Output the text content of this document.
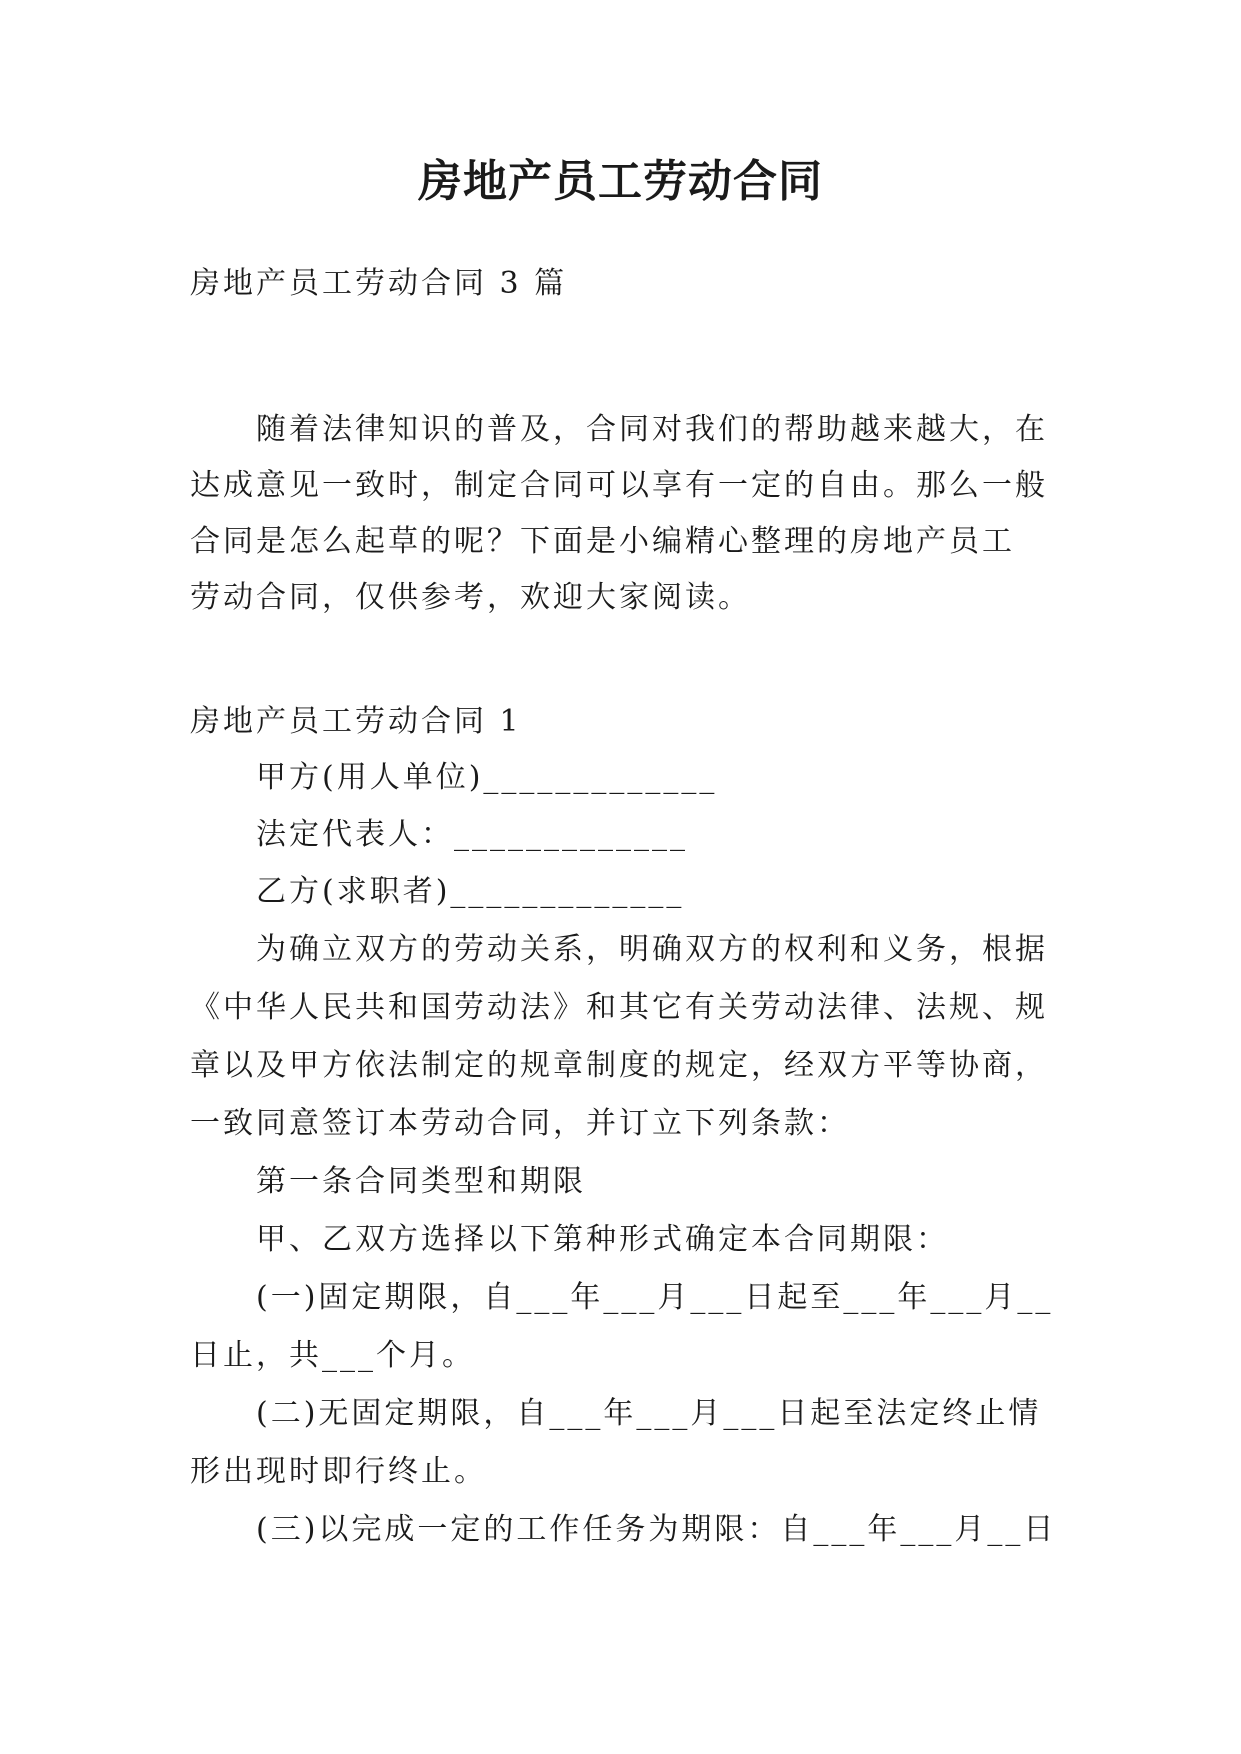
房地产员工劳动合同
房地产员工劳动合同 3 篇
随着法律知识的普及，合同对我们的帮助越来越大，在
达成意见一致时，制定合同可以享有一定的自由。那么一般
合同是怎么起草的呢？下面是小编精心整理的房地产员工
劳动合同，仅供参考，欢迎大家阅读。
房地产员工劳动合同 1
甲方(用人单位)_____________
法定代表人：_____________
乙方(求职者)_____________
为确立双方的劳动关系，明确双方的权利和义务，根据
《中华人民共和国劳动法》和其它有关劳动法律、法规、规
章以及甲方依法制定的规章制度的规定，经双方平等协商，
一致同意签订本劳动合同，并订立下列条款：
第一条合同类型和期限
甲、乙双方选择以下第种形式确定本合同期限：
(一)固定期限，自___年___月___日起至___年___月__
日止，共___个月。
(二)无固定期限，自___年___月___日起至法定终止情
形出现时即行终止。
(三)以完成一定的工作任务为期限：自___年___月__日
